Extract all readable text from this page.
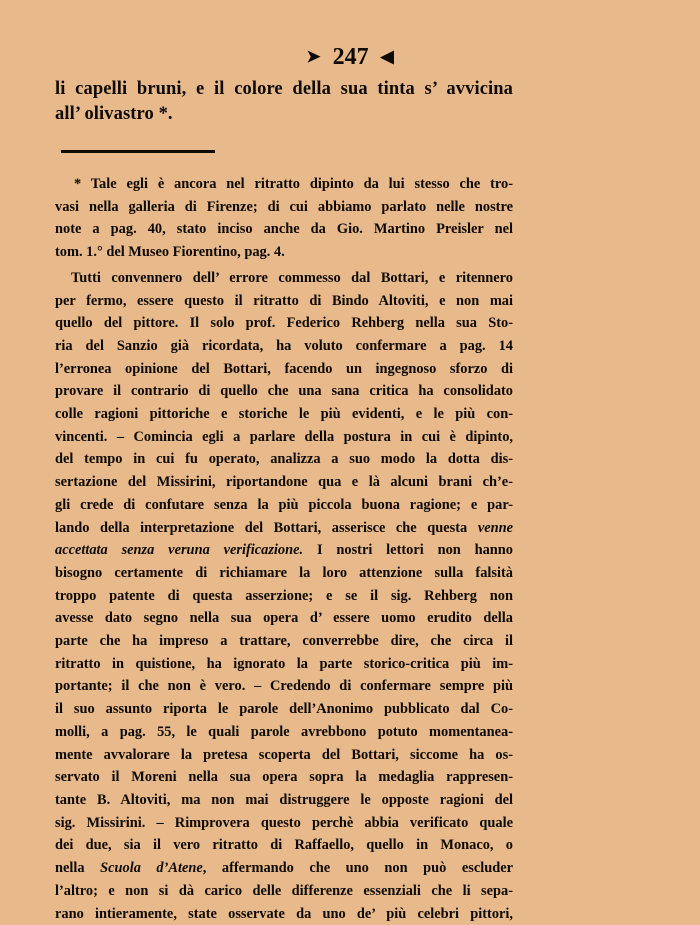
➤ 247 ◀
li capelli bruni, e il colore della sua tinta s’ avvicina
all’ olivastro *.
* Tale egli è ancora nel ritratto dipinto da lui stesso che tro-
vasi nella galleria di Firenze; di cui abbiamo parlato nelle nostre
note a pag. 40, stato inciso anche da Gio. Martino Preisler nel
tom. 1.° del Museo Fiorentino, pag. 4.
Tutti convennero dell’ errore commesso dal Bottari, e ritennero
per fermo, essere questo il ritratto di Bindo Altoviti, e non mai
quello del pittore. Il solo prof. Federico Rehberg nella sua Sto-
ria del Sanzio già ricordata, ha voluto confermare a pag. 14
l’erronea opinione del Bottari, facendo un ingegnoso sforzo di
provare il contrario di quello che una sana critica ha consolidato
colle ragioni pittoriche e storiche le più evidenti, e le più con-
vincenti. – Comincia egli a parlare della postura in cui è dipinto,
del tempo in cui fu operato, analizza a suo modo la dotta dis-
sertazione del Missirini, riportandone qua e là alcuni brani ch’e-
gli crede di confutare senza la più piccola buona ragione; e par-
lando della interpretazione del Bottari, asserisce che questa venne
accettata senza veruna verificazione. I nostri lettori non hanno
bisogno certamente di richiamare la loro attenzione sulla falsità
troppo patente di questa asserzione; e se il sig. Rehberg non
avesse dato segno nella sua opera d’ essere uomo erudito della
parte che ha impreso a trattare, converrebbe dire, che circa il
ritratto in quistione, ha ignorato la parte storico-critica più im-
portante; il che non è vero. – Credendo di confermare sempre più
il suo assunto riporta le parole dell’Anonimo pubblicato dal Co-
molli, a pag. 55, le quali parole avrebbono potuto momentanea-
mente avvalorare la pretesa scoperta del Bottari, siccome ha os-
servato il Moreni nella sua opera sopra la medaglia rappresen-
tante B. Altoviti, ma non mai distruggere le opposte ragioni del
sig. Missirini. – Rimprovera questo perchè abbia verificato quale
dei due, sia il vero ritratto di Raffaello, quello in Monaco, o
nella Scuola d’Atene, affermando che uno non può escluder
l’altro; e non si dà carico delle differenze essenziali che li sepa-
rano intieramente, state osservate da uno de’ più celebri pittori,
